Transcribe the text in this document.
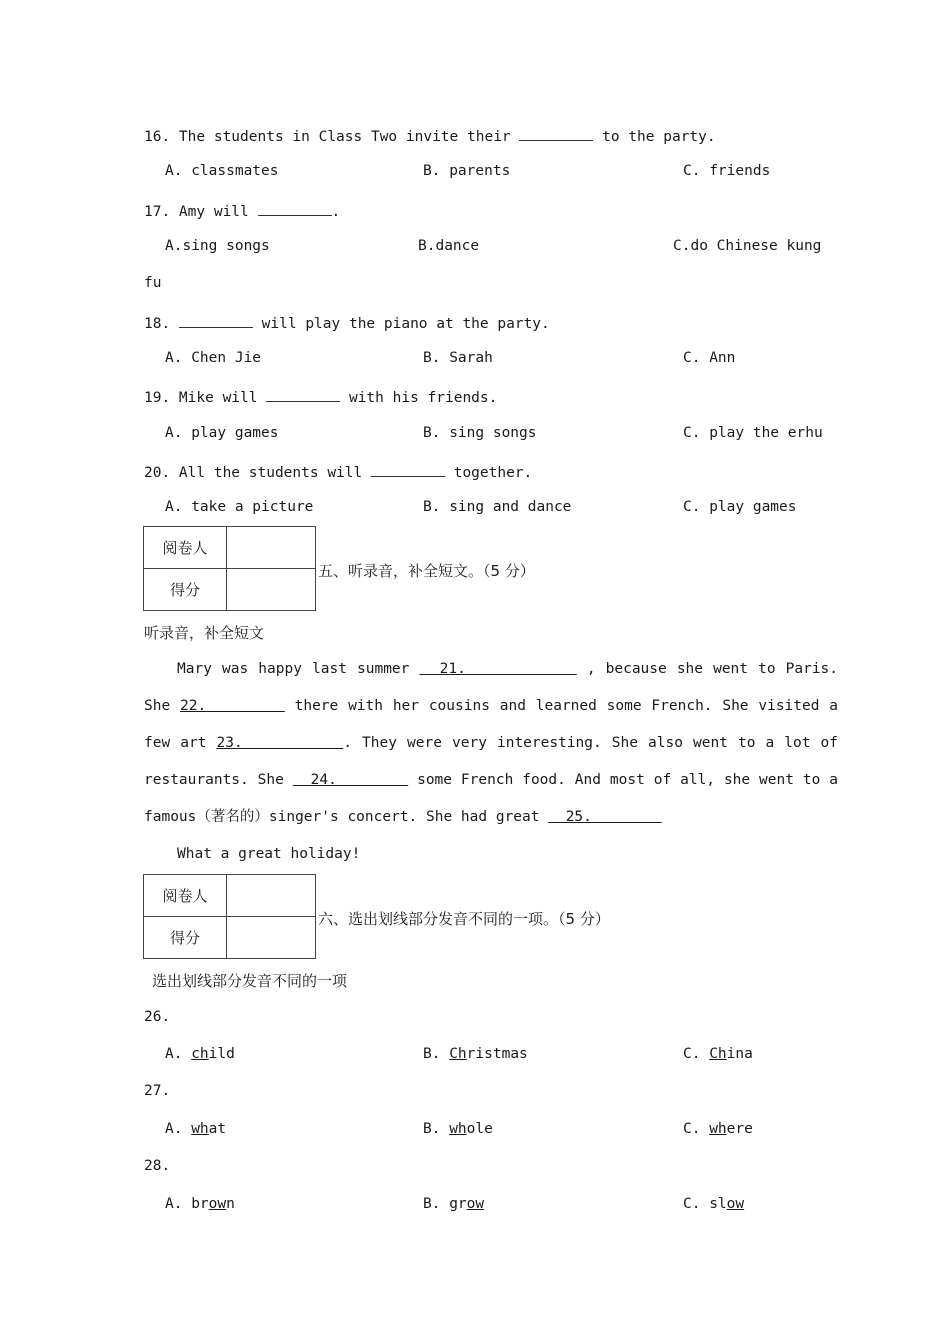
16. The students in Class Two invite their	to the party.
A. classmates	B. parents	C. friends
17. Amy will	.
A.sing songs	B.dance	C.do Chinese kung
fu
18.	will play the piano at the party.
A. Chen Jie	B. Sarah	C. Ann
19. Mike will	with his friends.
A. play games	B. sing songs	C. play the erhu
20. All the students will	together.
A. take a picture	B. sing and dance	C. play games
阅卷人	
得分	
五、听录音，补全短文。（5 分）
听录音，补全短文
Mary was happy last summer   21.            , because she went to Paris. She 22.         there with her cousins and learned some French. She visited a few art 23.          . They were very interesting. She also went to a lot of restaurants. She   24.         some French food. And most of all, she went to a famous（著名的）singer's concert. She had great   25.
What a great holiday!
阅卷人	
得分	
六、选出划线部分发音不同的一项。（5 分）
选出划线部分发音不同的一项
26.
A. child	B. Christmas	C. China
27.
A. what	B. whole	C. where
28.
A. brown	B. grow	C. slow
